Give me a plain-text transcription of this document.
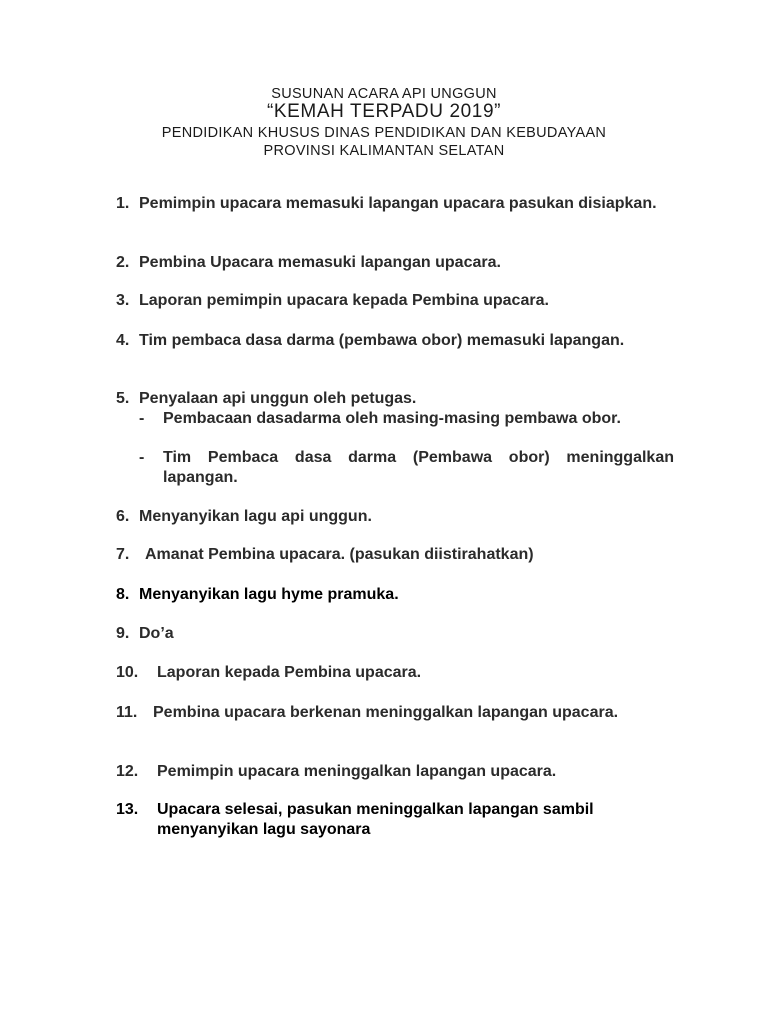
SUSUNAN ACARA API UNGGUN
“KEMAH TERPADU 2019”
PENDIDIKAN KHUSUS DINAS PENDIDIKAN DAN KEBUDAYAAN
PROVINSI KALIMANTAN SELATAN
1. Pemimpin upacara memasuki lapangan upacara pasukan disiapkan.
2. Pembina Upacara memasuki lapangan upacara.
3. Laporan pemimpin upacara kepada Pembina upacara.
4. Tim pembaca dasa darma (pembawa obor) memasuki lapangan.
5. Penyalaan api unggun oleh petugas.
- Pembacaan dasadarma oleh masing-masing pembawa obor.
- Tim Pembaca dasa darma (Pembawa obor) meninggalkan lapangan.
6. Menyanyikan lagu api unggun.
7. Amanat Pembina upacara. (pasukan diistirahatkan)
8. Menyanyikan lagu hyme pramuka.
9. Do’a
10. Laporan kepada Pembina upacara.
11. Pembina upacara berkenan meninggalkan lapangan upacara.
12. Pemimpin upacara meninggalkan lapangan upacara.
13. Upacara selesai, pasukan meninggalkan lapangan sambil menyanyikan lagu sayonara
